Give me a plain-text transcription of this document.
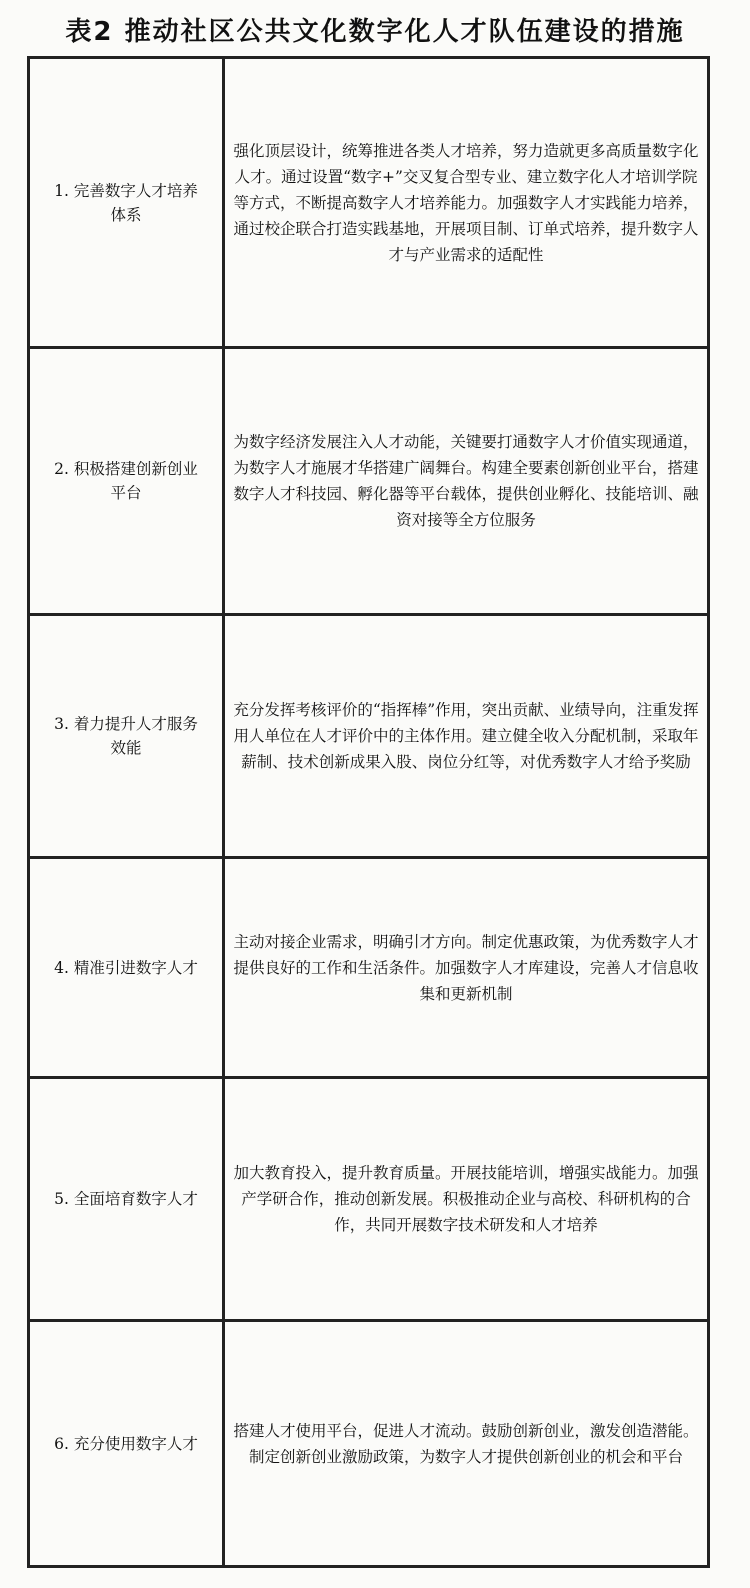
表2 推动社区公共文化数字化人才队伍建设的措施
1. 完善数字人才培养体系	强化顶层设计，统筹推进各类人才培养，努力造就更多高质量数字化人才。通过设置“数字+”交叉复合型专业、建立数字化人才培训学院等方式，不断提高数字人才培养能力。加强数字人才实践能力培养，通过校企联合打造实践基地，开展项目制、订单式培养，提升数字人才与产业需求的适配性
2. 积极搭建创新创业平台	为数字经济发展注入人才动能，关键要打通数字人才价值实现通道，为数字人才施展才华搭建广阔舞台。构建全要素创新创业平台，搭建数字人才科技园、孵化器等平台载体，提供创业孵化、技能培训、融资对接等全方位服务
3. 着力提升人才服务效能	充分发挥考核评价的“指挥棒”作用，突出贡献、业绩导向，注重发挥用人单位在人才评价中的主体作用。建立健全收入分配机制，采取年薪制、技术创新成果入股、岗位分红等，对优秀数字人才给予奖励
4. 精准引进数字人才	主动对接企业需求，明确引才方向。制定优惠政策，为优秀数字人才提供良好的工作和生活条件。加强数字人才库建设，完善人才信息收集和更新机制
5. 全面培育数字人才	加大教育投入，提升教育质量。开展技能培训，增强实战能力。加强产学研合作，推动创新发展。积极推动企业与高校、科研机构的合作，共同开展数字技术研发和人才培养
6. 充分使用数字人才	搭建人才使用平台，促进人才流动。鼓励创新创业，激发创造潜能。制定创新创业激励政策，为数字人才提供创新创业的机会和平台
